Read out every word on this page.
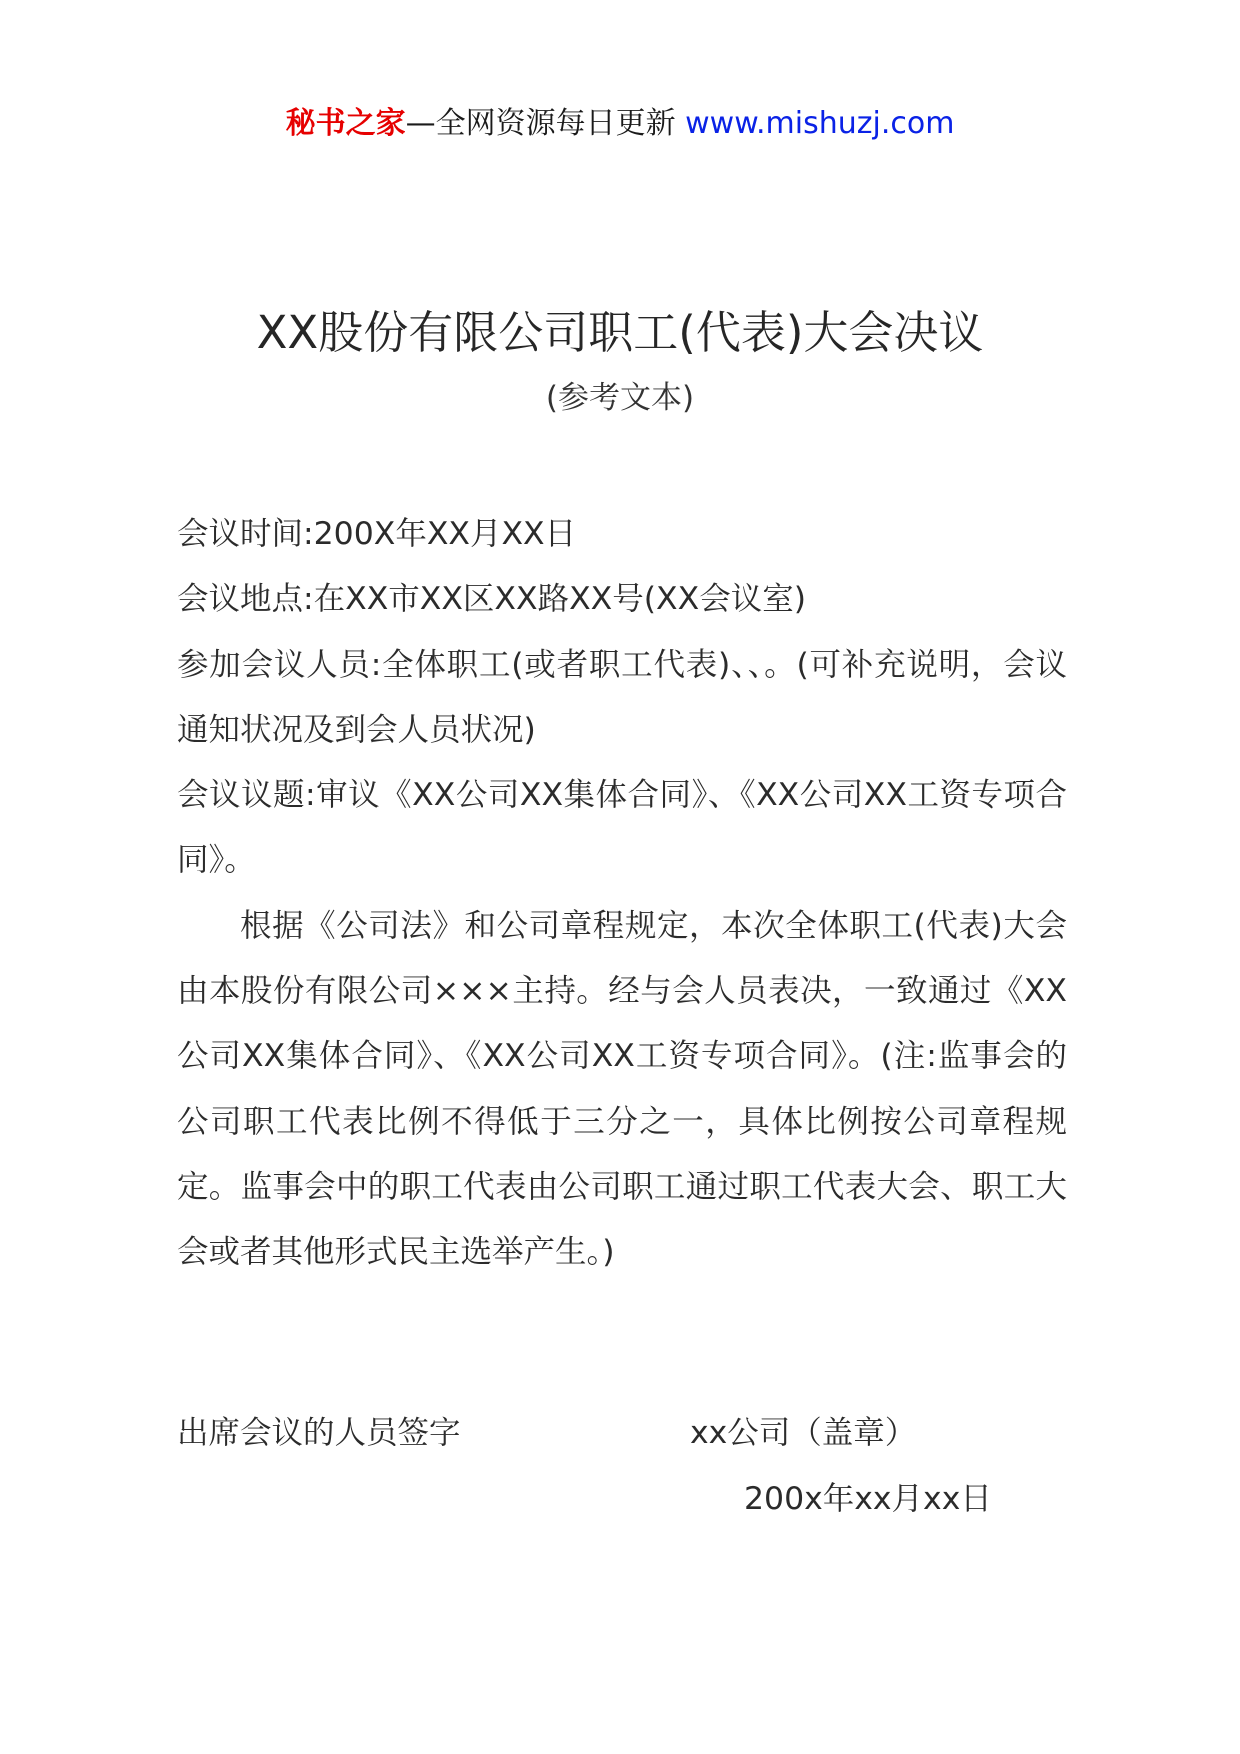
秘书之家—全网资源每日更新 www.mishuzj.com
XX股份有限公司职工(代表)大会决议
(参考文本)

会议时间:200X年XX月XX日

会议地点:在XX市XX区XX路XX号(XX会议室)

参加会议人员:全体职工(或者职工代表)、、。(可补充说明，会议通知状况及到会人员状况)

会议议题:审议《XX公司XX集体合同》、《XX公司XX工资专项合同》。

根据《公司法》和公司章程规定，本次全体职工(代表)大会由本股份有限公司×××主持。经与会人员表决，一致通过《XX公司XX集体合同》、《XX公司XX工资专项合同》。(注:监事会的公司职工代表比例不得低于三分之一，具体比例按公司章程规定。监事会中的职工代表由公司职工通过职工代表大会、职工大会或者其他形式民主选举产生。)

出席会议的人员签字	xx公司（盖章）
200x年xx月xx日
